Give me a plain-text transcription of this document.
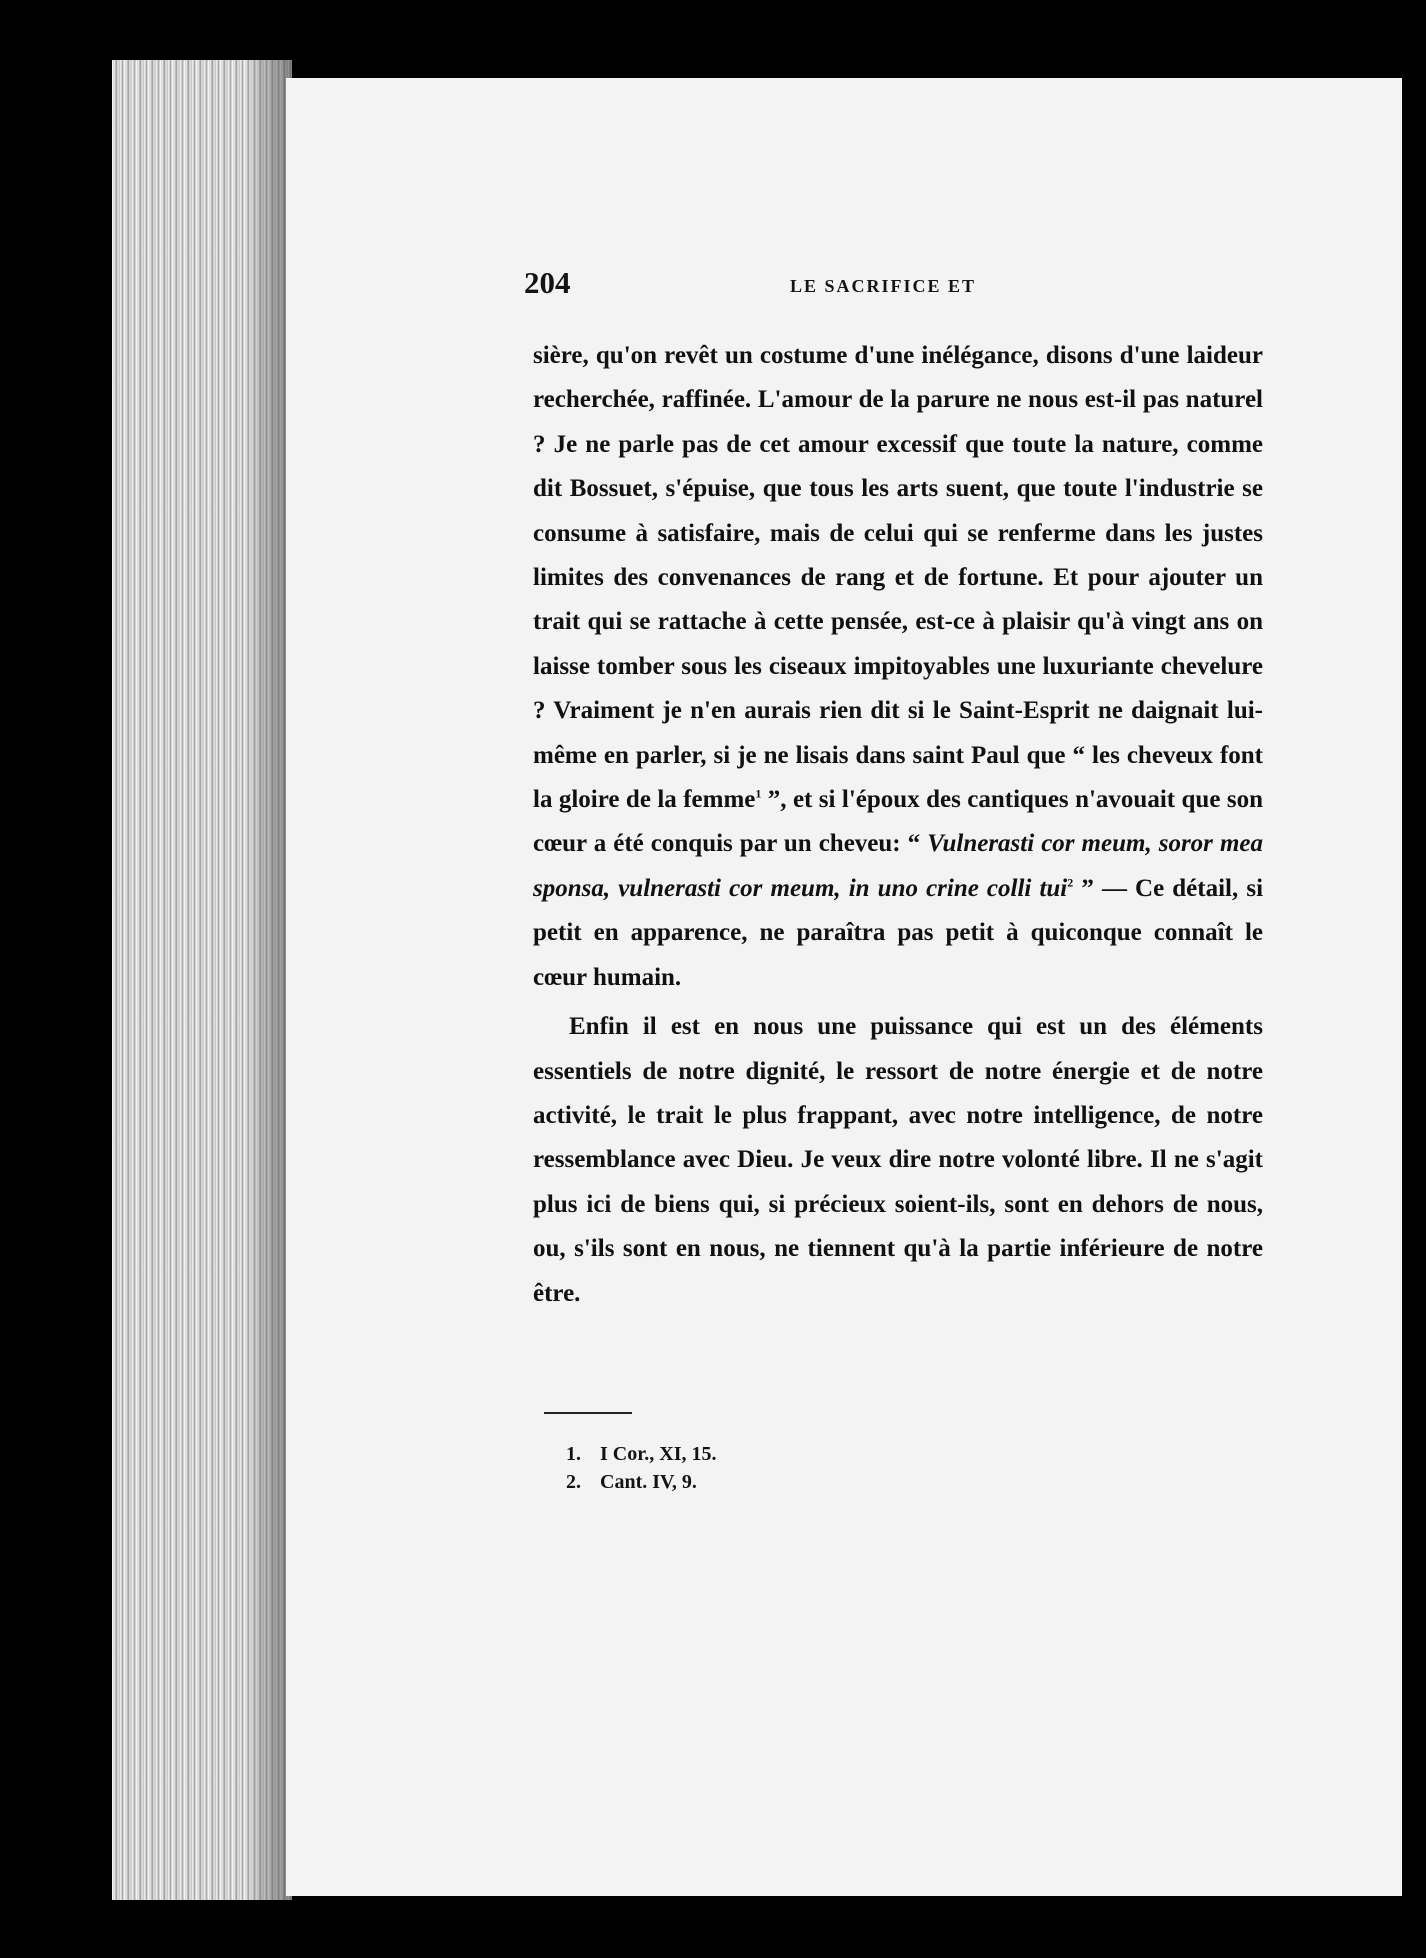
204	LE SACRIFICE ET

sière, qu'on revêt un costume d'une inélégance, disons d'une laideur recherchée, raffinée. L'amour de la parure ne nous est-il pas naturel ? Je ne parle pas de cet amour excessif que toute la nature, comme dit Bossuet, s'épuise, que tous les arts suent, que toute l'industrie se consume à satisfaire, mais de celui qui se renferme dans les justes limites des convenances de rang et de fortune. Et pour ajouter un trait qui se rattache à cette pensée, est-ce à plaisir qu'à vingt ans on laisse tomber sous les ciseaux impitoyables une luxuriante chevelure ? Vraiment je n'en aurais rien dit si le Saint-Esprit ne daignait lui-même en parler, si je ne lisais dans saint Paul que “ les cheveux font la gloire de la femme$^1$ ”, et si l'époux des cantiques n'avouait que son cœur a été conquis par un cheveu: “ Vulnerasti cor meum, soror mea sponsa, vulnerasti cor meum, in uno crine colli tui$^2$ ” — Ce détail, si petit en apparence, ne paraîtra pas petit à quiconque connaît le cœur humain.

Enfin il est en nous une puissance qui est un des éléments essentiels de notre dignité, le ressort de notre énergie et de notre activité, le trait le plus frappant, avec notre intelligence, de notre ressemblance avec Dieu. Je veux dire notre volonté libre. Il ne s'agit plus ici de biens qui, si précieux soient-ils, sont en dehors de nous, ou, s'ils sont en nous, ne tiennent qu'à la partie inférieure de notre être.

1. I Cor., XI, 15.
2. Cant. IV, 9.
